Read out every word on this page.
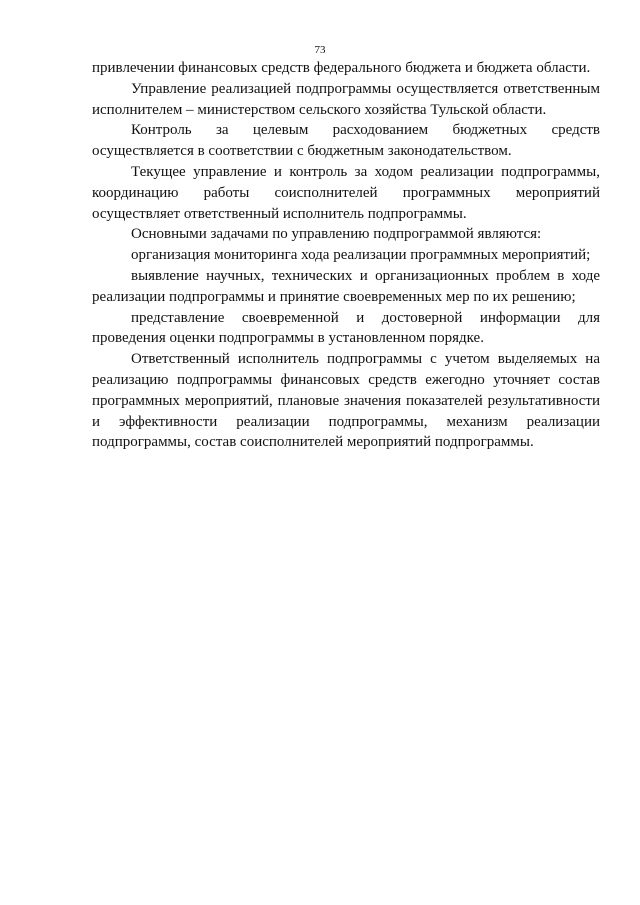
73

привлечении финансовых средств федерального бюджета и бюджета области.

Управление реализацией подпрограммы осуществляется ответственным исполнителем – министерством сельского хозяйства Тульской области.

Контроль за целевым расходованием бюджетных средств осуществляется в соответствии с бюджетным законодательством.

Текущее управление и контроль за ходом реализации подпрограммы, координацию работы соисполнителей программных мероприятий осуществляет ответственный исполнитель подпрограммы.

Основными задачами по управлению подпрограммой являются:

организация мониторинга хода реализации программных мероприятий;

выявление научных, технических и организационных проблем в ходе реализации подпрограммы и принятие своевременных мер по их решению;

представление своевременной и достоверной информации для проведения оценки подпрограммы в установленном порядке.

Ответственный исполнитель подпрограммы с учетом выделяемых на реализацию подпрограммы финансовых средств ежегодно уточняет состав программных мероприятий, плановые значения показателей результативности и эффективности реализации подпрограммы, механизм реализации подпрограммы, состав соисполнителей мероприятий подпрограммы.
